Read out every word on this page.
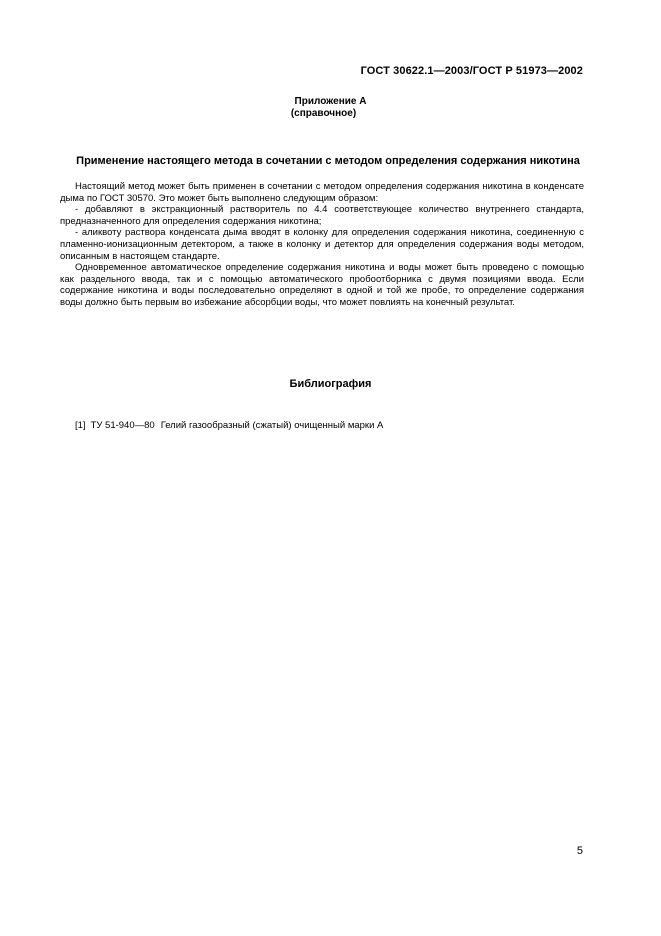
ГОСТ 30622.1—2003/ГОСТ Р 51973—2002
Приложение А
(справочное)
Применение настоящего метода в сочетании с методом определения содержания никотина

Настоящий метод может быть применен в сочетании с методом определения содержания никотина в конденсате дыма по ГОСТ 30570. Это может быть выполнено следующим образом:

- добавляют в экстракционный растворитель по 4.4 соответствующее количество внутреннего стандарта, предназначенного для определения содержания никотина;

- аликвоту раствора конденсата дыма вводят в колонку для определения содержания никотина, соединенную с пламенно-ионизационным детектором, а также в колонку и детектор для определения содержания воды методом, описанным в настоящем стандарте.

Одновременное автоматическое определение содержания никотина и воды может быть проведено с помощью как раздельного ввода, так и с помощью автоматического пробоотборника с двумя позициями ввода. Если содержание никотина и воды последовательно определяют в одной и той же пробе, то определение содержания воды должно быть первым во избежание абсорбции воды, что может повлиять на конечный результат.

Библиография
[1] ТУ 51-940—80 Гелий газообразный (сжатый) очищенный марки А
5
